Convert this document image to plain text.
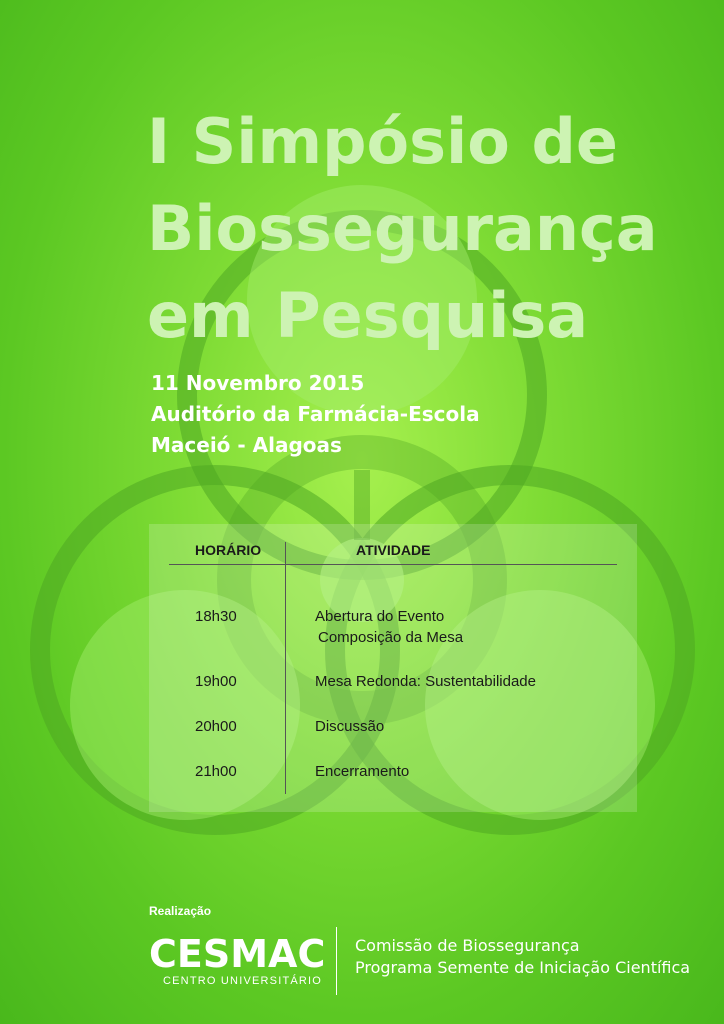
I Simpósio de
Biossegurança
em Pesquisa
11 Novembro 2015
Auditório da Farmácia-Escola
Maceió - Alagoas
HORÁRIO	ATIVIDADE
18h30	Abertura do Evento
Composição da Mesa
19h00	Mesa Redonda: Sustentabilidade
20h00	Discussão
21h00	Encerramento
Realização
CESMAC
CENTRO UNIVERSITÁRIO
Comissão de Biossegurança
Programa Semente de Iniciação Científica
